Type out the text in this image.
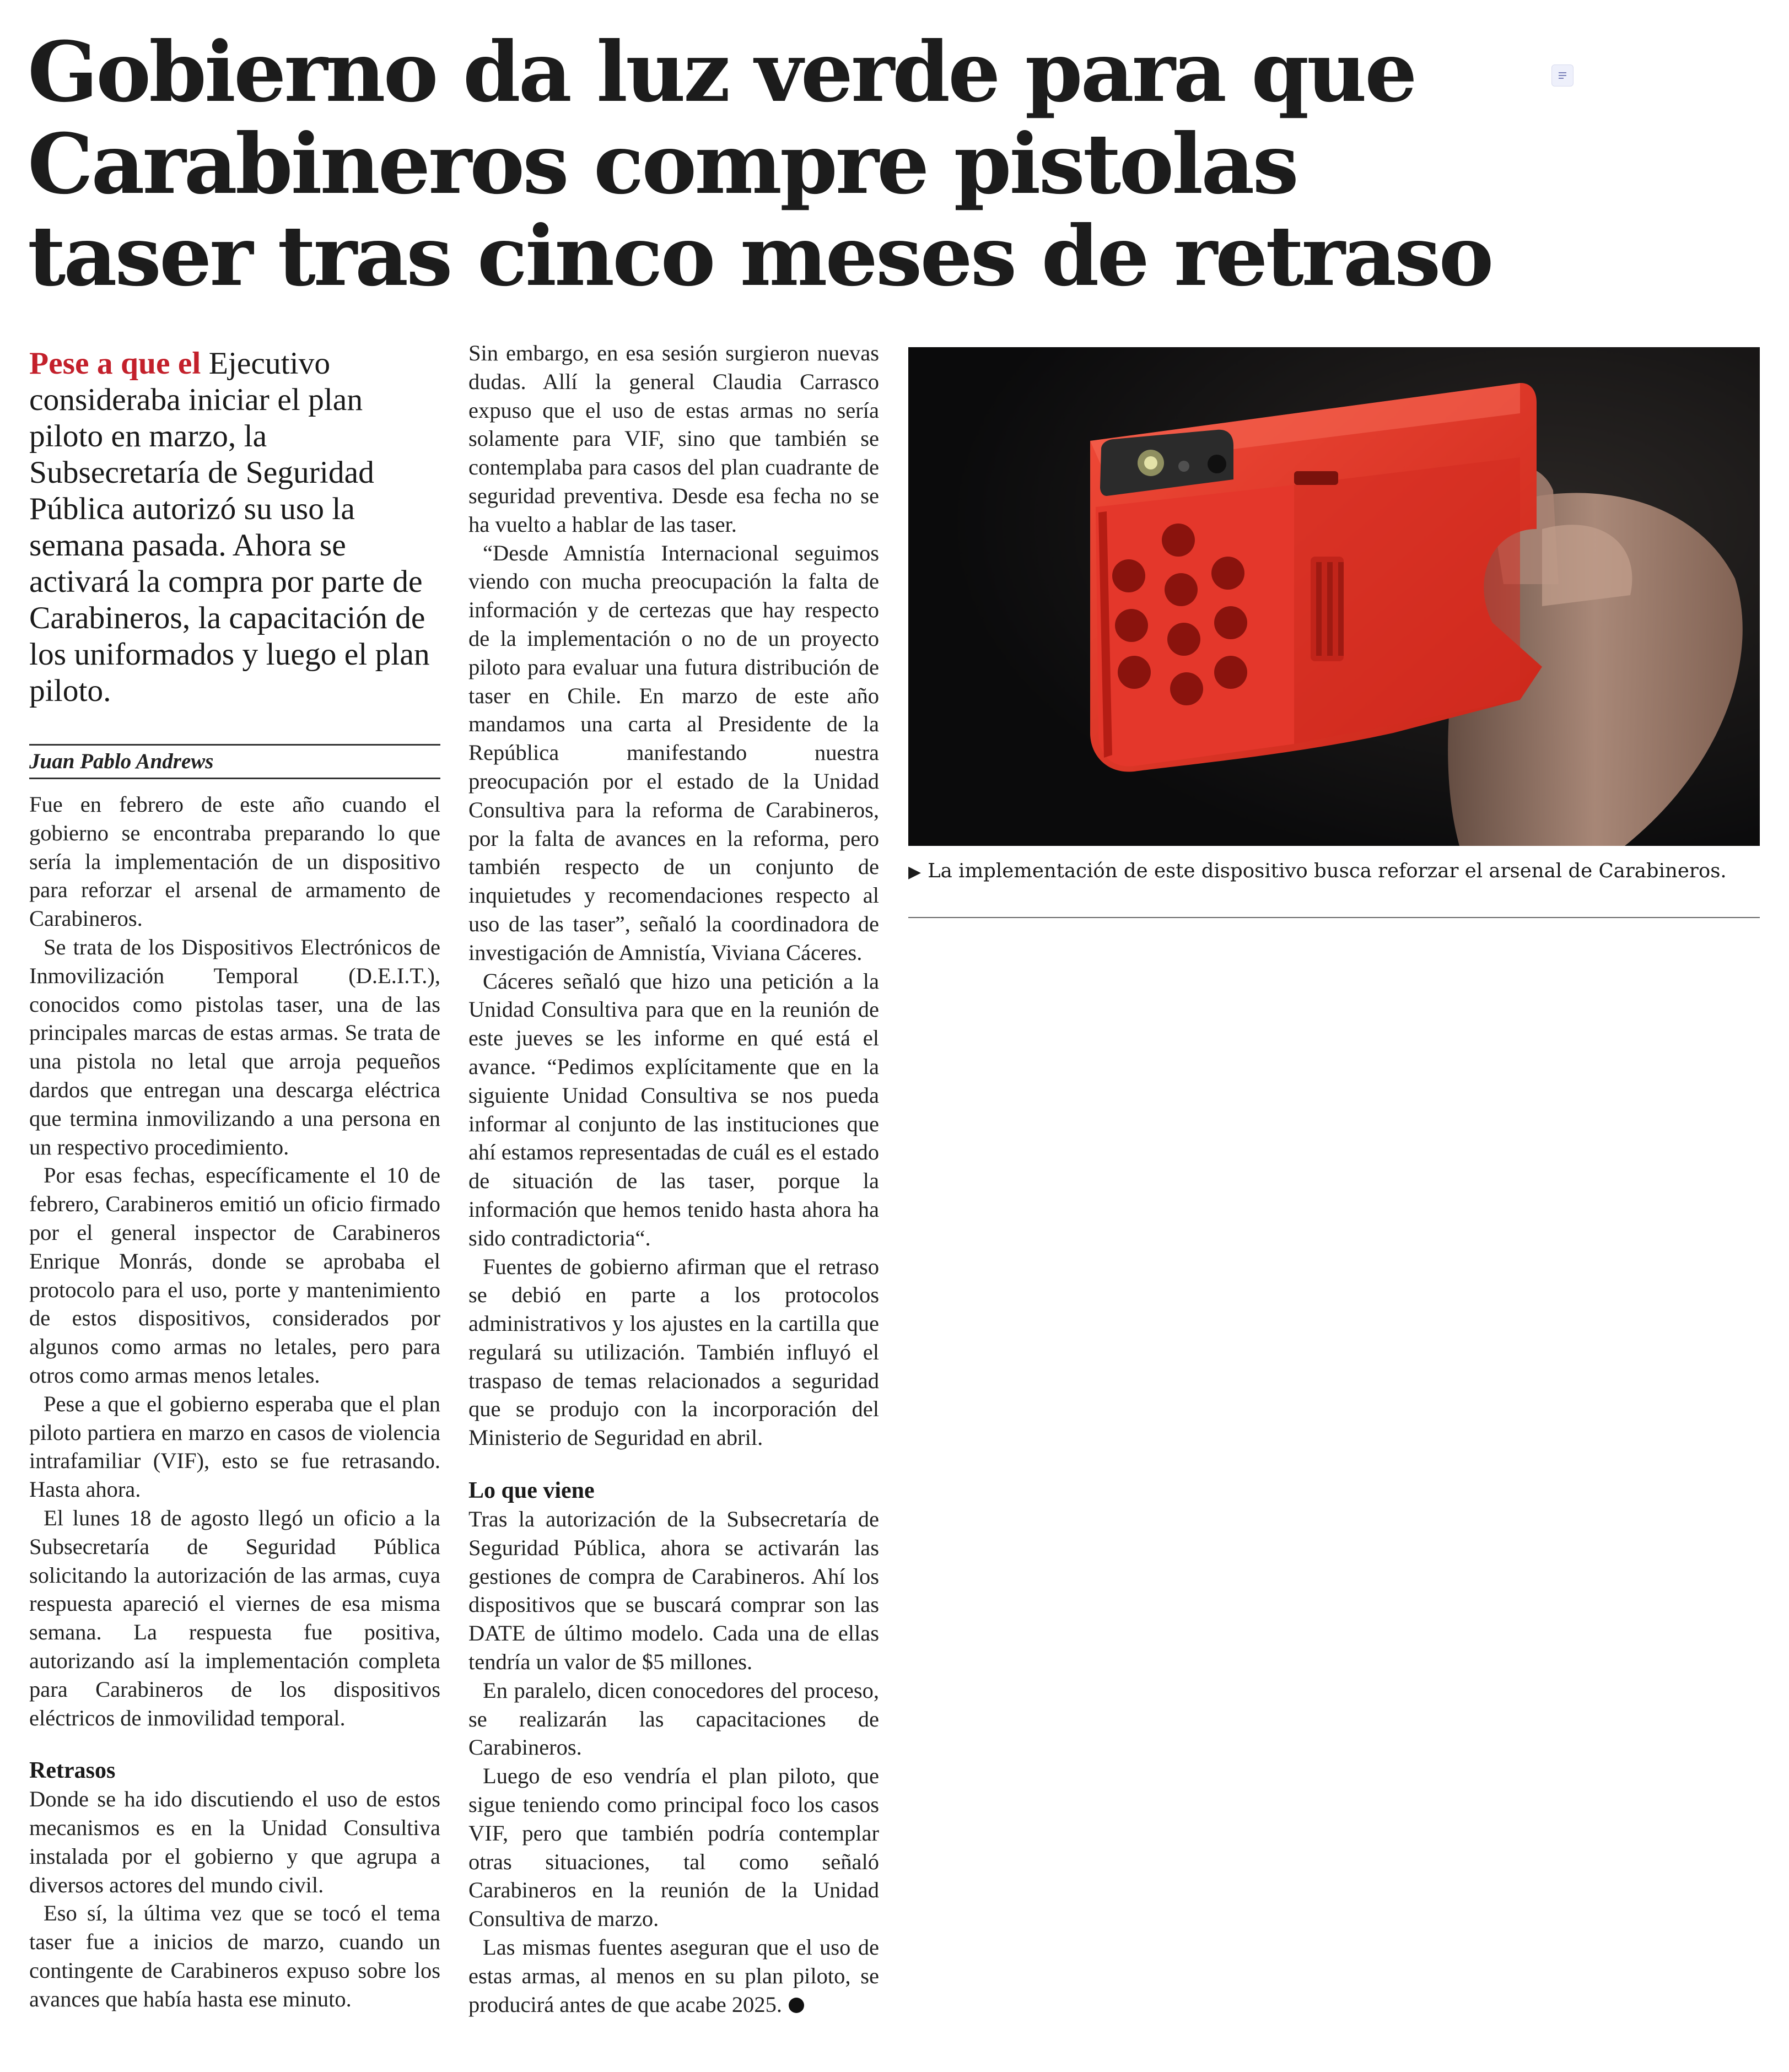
Gobierno da luz verde para que
Carabineros compre pistolas
taser tras cinco meses de retraso

Pese a que el Ejecutivo consideraba iniciar el plan piloto en marzo, la Subsecretaría de Seguridad Pública autorizó su uso la semana pasada. Ahora se activará la compra por parte de Carabineros, la capacitación de los uniformados y luego el plan piloto.

Juan Pablo Andrews

Fue en febrero de este año cuando el gobierno se encontraba preparando lo que sería la implementación de un dispositivo para reforzar el arsenal de armamento de Carabineros.

Se trata de los Dispositivos Electrónicos de Inmovilización Temporal (D.E.I.T.), conocidos como pistolas taser, una de las principales marcas de estas armas. Se trata de una pistola no letal que arroja pequeños dardos que entregan una descarga eléctrica que termina inmovilizando a una persona en un respectivo procedimiento.

Por esas fechas, específicamente el 10 de febrero, Carabineros emitió un oficio firmado por el general inspector de Carabineros Enrique Monrás, donde se aprobaba el protocolo para el uso, porte y mantenimiento de estos dispositivos, considerados por algunos como armas no letales, pero para otros como armas menos letales.

Pese a que el gobierno esperaba que el plan piloto partiera en marzo en casos de violencia intrafamiliar (VIF), esto se fue retrasando. Hasta ahora.

El lunes 18 de agosto llegó un oficio a la Subsecretaría de Seguridad Pública solicitando la autorización de las armas, cuya respuesta apareció el viernes de esa misma semana. La respuesta fue positiva, autorizando así la implementación completa para Carabineros de los dispositivos eléctricos de inmovilidad temporal.

Retrasos

Donde se ha ido discutiendo el uso de estos mecanismos es en la Unidad Consultiva instalada por el gobierno y que agrupa a diversos actores del mundo civil.

Eso sí, la última vez que se tocó el tema taser fue a inicios de marzo, cuando un contingente de Carabineros expuso sobre los avances que había hasta ese minuto.

Sin embargo, en esa sesión surgieron nuevas dudas. Allí la general Claudia Carrasco expuso que el uso de estas armas no sería solamente para VIF, sino que también se contemplaba para casos del plan cuadrante de seguridad preventiva. Desde esa fecha no se ha vuelto a hablar de las taser.

“Desde Amnistía Internacional seguimos viendo con mucha preocupación la falta de información y de certezas que hay respecto de la implementación o no de un proyecto piloto para evaluar una futura distribución de taser en Chile. En marzo de este año mandamos una carta al Presidente de la República manifestando nuestra preocupación por el estado de la Unidad Consultiva para la reforma de Carabineros, por la falta de avances en la reforma, pero también respecto de un conjunto de inquietudes y recomendaciones respecto al uso de las taser”, señaló la coordinadora de investigación de Amnistía, Viviana Cáceres.

Cáceres señaló que hizo una petición a la Unidad Consultiva para que en la reunión de este jueves se les informe en qué está el avance. “Pedimos explícitamente que en la siguiente Unidad Consultiva se nos pueda informar al conjunto de las instituciones que ahí estamos representadas de cuál es el estado de situación de las taser, porque la información que hemos tenido hasta ahora ha sido contradictoria“.

Fuentes de gobierno afirman que el retraso se debió en parte a los protocolos administrativos y los ajustes en la cartilla que regulará su utilización. También influyó el traspaso de temas relacionados a seguridad que se produjo con la incorporación del Ministerio de Seguridad en abril.

Lo que viene

Tras la autorización de la Subsecretaría de Seguridad Pública, ahora se activarán las gestiones de compra de Carabineros. Ahí los dispositivos que se buscará comprar son las DATE de último modelo. Cada una de ellas tendría un valor de $5 millones.

En paralelo, dicen conocedores del proceso, se realizarán las capacitaciones de Carabineros.

Luego de eso vendría el plan piloto, que sigue teniendo como principal foco los casos VIF, pero que también podría contemplar otras situaciones, tal como señaló Carabineros en la reunión de la Unidad Consultiva de marzo.

Las mismas fuentes aseguran que el uso de estas armas, al menos en su plan piloto, se producirá antes de que acabe 2025.

▶ La implementación de este dispositivo busca reforzar el arsenal de Carabineros.
